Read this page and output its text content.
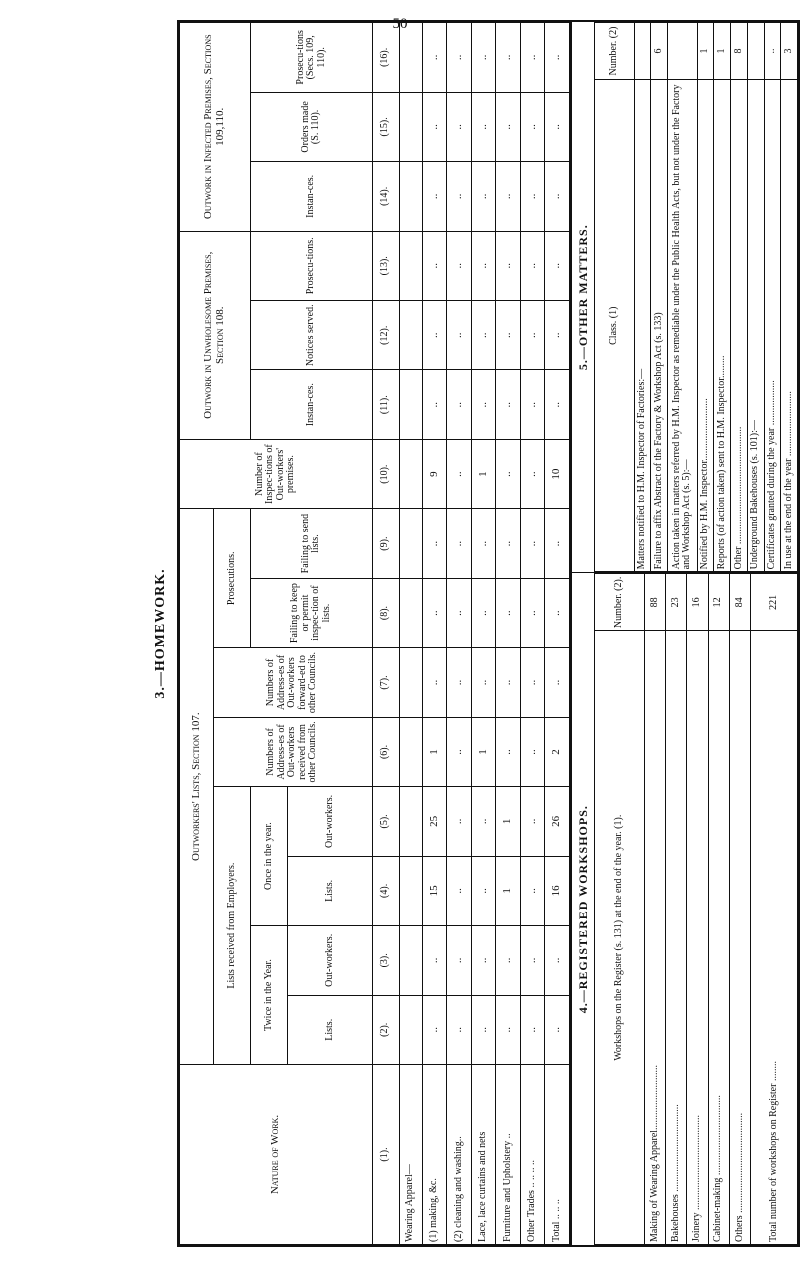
50
3.—HOMEWORK.
Nature of Work.	Outworkers' Lists, Section 107.								Number of Inspec-tions of Out-workers' premises.	Outwork in Unwholesome Premises, Section 108.			Outwork in Infected Premises, Sections 109,110.		
	Lists received from Employers.				Numbers of Address-es of Out-workers received from other Councils.	Numbers of Address-es of Out-workers forward-ed to other Councils.	Prosecutions.								
	Twice in the Year.		Once in the year.				Failing to keep or permit inspec-tion of lists.	Failing to send lists.		Instan-ces.	Notices served.	Prosecu-tions.	Instan-ces.	Orders made (S. 110).	Prosecu-tions (Secs. 109, 110).
	Lists.	Out-workers.	Lists.	Out-workers.											
(1).	(2).	(3).	(4).	(5).	(6).	(7).	(8).	(9).	(10).	(11).	(12).	(13).	(14).	(15).	(16).
Wearing Apparel—															
(1) making, &c.	..	..	15	25	1	..	..	..	9	..	..	..	..	..	..
(2) cleaning and washing..	..	..	..	..	..	..	..	..	..	..	..	..	..	..	..
Lace, lace curtains and nets	..	..	..	..	1	..	..	..	1	..	..	..	..	..	..
Furniture and Upholstery ..	..	..	1	1	..	..	..	..	..	..	..	..	..	..	..
Other Trades .. .. .. ..	..	..	..	..	..	..	..	..	..	..	..	..	..	..	..
Total .. .. ..	..	..	16	26	2	..	..	..	10	..	..	..	..	..	..
4.—REGISTERED WORKSHOPS. Workshops on the Register (s. 131) at the end of the year. (1).	Number. (2).
Making of Wearing Apparel..........................	88
Bakehouses ...................................	23
Joinery ......................................	16
Cabinet-making ................................	12
Others ........................................	84
Total number of workshops on Register ........	221
5.—OTHER MATTERS. Class. (1)	Number. (2)
Matters notified to H.M. Inspector of Factories:—	
Failure to affix Abstract of the Factory & Workshop Act (s. 133)	6
Action taken in matters referred by H.M. Inspector as remediable under the Public Health Acts, but not under the Factory and Workshop Act (s. 5):—	
Notified by H.M. Inspector.........................	1
Reports (of action taken) sent to H.M. Inspector.........	1
Other ...............................................	8
Underground Bakehouses (s. 101):—	
Certificates granted during the year ..................	..
In use at the end of the year ..........................	3
